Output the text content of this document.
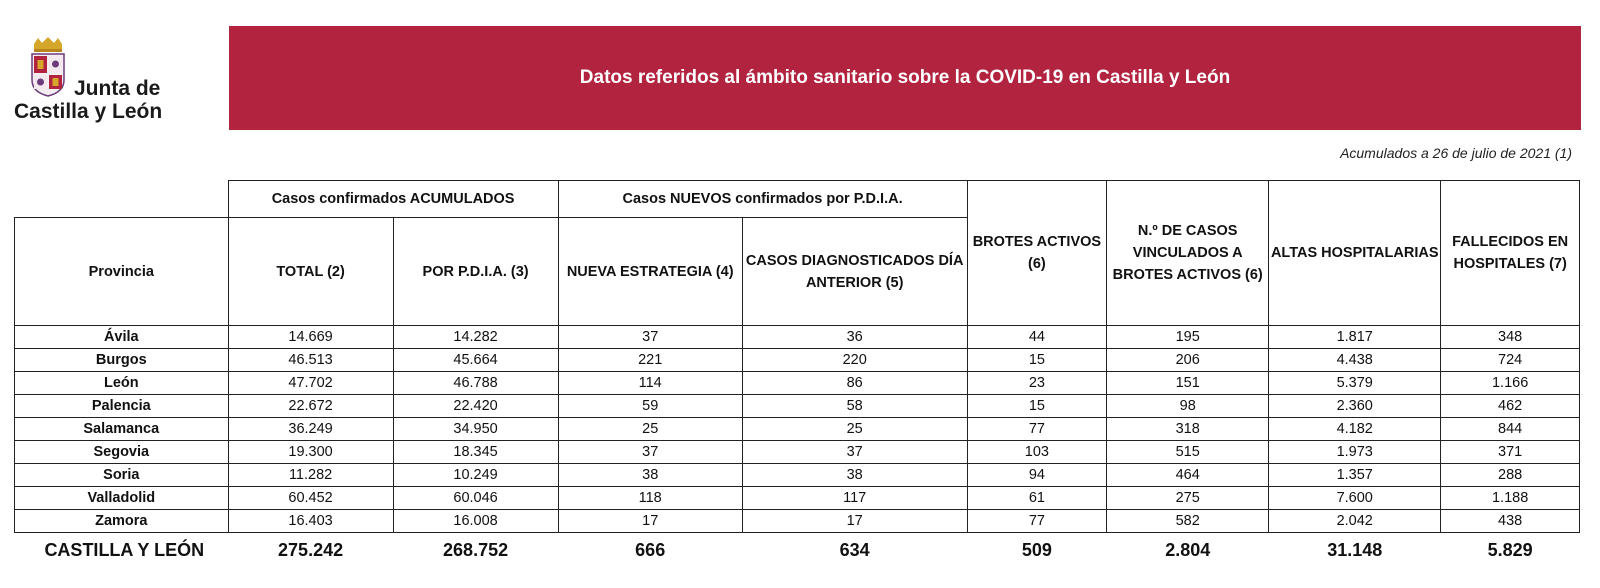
Junta de
Castilla y León
Datos referidos al ámbito sanitario sobre la COVID-19 en Castilla y León
Acumulados a 26 de julio de 2021 (1)
	Casos confirmados ACUMULADOS		Casos NUEVOS confirmados por P.D.I.A.		BROTES ACTIVOS (6)	N.º DE CASOS VINCULADOS A BROTES ACTIVOS (6)	ALTAS HOSPITALARIAS	FALLECIDOS EN HOSPITALES (7)
Provincia	TOTAL (2)	POR P.D.I.A. (3)	NUEVA ESTRATEGIA (4)	CASOS DIAGNOSTICADOS DÍA ANTERIOR (5)				
Ávila	14.669	14.282	37	36	44	195	1.817	348
Burgos	46.513	45.664	221	220	15	206	4.438	724
León	47.702	46.788	114	86	23	151	5.379	1.166
Palencia	22.672	22.420	59	58	15	98	2.360	462
Salamanca	36.249	34.950	25	25	77	318	4.182	844
Segovia	19.300	18.345	37	37	103	515	1.973	371
Soria	11.282	10.249	38	38	94	464	1.357	288
Valladolid	60.452	60.046	118	117	61	275	7.600	1.188
Zamora	16.403	16.008	17	17	77	582	2.042	438
CASTILLA Y LEÓN	275.242	268.752	666	634	509	2.804	31.148	5.829
